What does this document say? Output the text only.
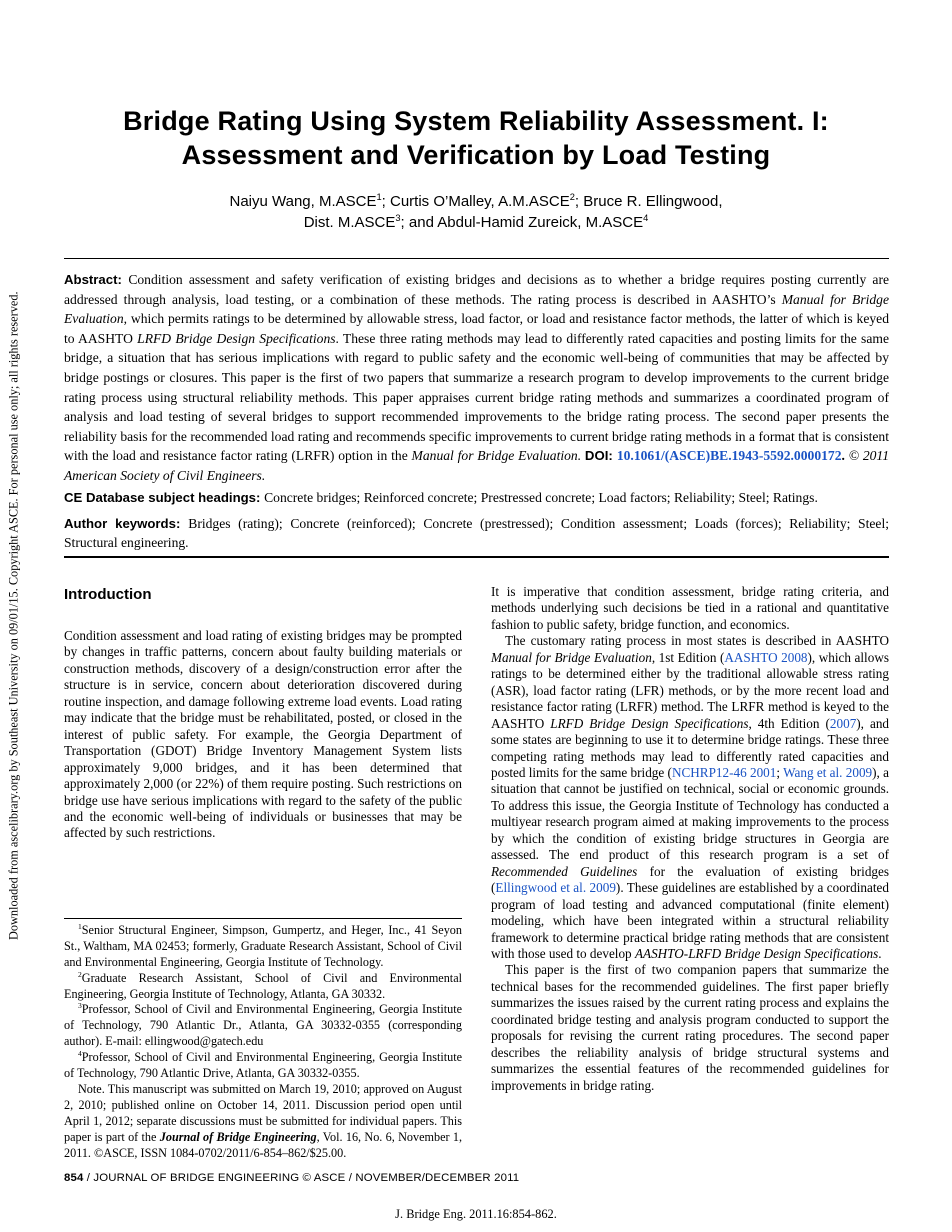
Downloaded from ascelibrary.org by Southeast University on 09/01/15. Copyright ASCE. For personal use only; all rights reserved.
Bridge Rating Using System Reliability Assessment. I:
Assessment and Verification by Load Testing
Naiyu Wang, M.ASCE$^1$; Curtis O’Malley, A.M.ASCE$^2$; Bruce R. Ellingwood,
Dist. M.ASCE$^3$; and Abdul-Hamid Zureick, M.ASCE$^4$
Abstract: Condition assessment and safety verification of existing bridges and decisions as to whether a bridge requires posting currently are addressed through analysis, load testing, or a combination of these methods. The rating process is described in AASHTO’s Manual for Bridge Evaluation, which permits ratings to be determined by allowable stress, load factor, or load and resistance factor methods, the latter of which is keyed to AASHTO LRFD Bridge Design Specifications. These three rating methods may lead to differently rated capacities and posting limits for the same bridge, a situation that has serious implications with regard to public safety and the economic well-being of communities that may be affected by bridge postings or closures. This paper is the first of two papers that summarize a research program to develop improvements to the current bridge rating process using structural reliability methods. This paper appraises current bridge rating methods and summarizes a coordinated program of analysis and load testing of several bridges to support recommended improvements to the bridge rating process. The second paper presents the reliability basis for the recommended load rating and recommends specific improvements to current bridge rating methods in a format that is consistent with the load and resistance factor rating (LRFR) option in the Manual for Bridge Evaluation. DOI: 10.1061/(ASCE)BE.1943-5592.0000172. © 2011 American Society of Civil Engineers.
CE Database subject headings: Concrete bridges; Reinforced concrete; Prestressed concrete; Load factors; Reliability; Steel; Ratings.
Author keywords: Bridges (rating); Concrete (reinforced); Concrete (prestressed); Condition assessment; Loads (forces); Reliability; Steel; Structural engineering.
Introduction

Condition assessment and load rating of existing bridges may be prompted by changes in traffic patterns, concern about faulty building materials or construction methods, discovery of a design/construction error after the structure is in service, concern about deterioration discovered during routine inspection, and damage following extreme load events. Load rating may indicate that the bridge must be rehabilitated, posted, or closed in the interest of public safety. For example, the Georgia Department of Transportation (GDOT) Bridge Inventory Management System lists approximately 9,000 bridges, and it has been determined that approximately 2,000 (or 22%) of them require posting. Such restrictions on bridge use have serious implications with regard to the safety of the public and the economic well-being of individuals or businesses that may be affected by such restrictions.

$^1$Senior Structural Engineer, Simpson, Gumpertz, and Heger, Inc., 41 Seyon St., Waltham, MA 02453; formerly, Graduate Research Assistant, School of Civil and Environmental Engineering, Georgia Institute of Technology.

$^2$Graduate Research Assistant, School of Civil and Environmental Engineering, Georgia Institute of Technology, Atlanta, GA 30332.

$^3$Professor, School of Civil and Environmental Engineering, Georgia Institute of Technology, 790 Atlantic Dr., Atlanta, GA 30332-0355 (corresponding author). E-mail: ellingwood@gatech.edu

$^4$Professor, School of Civil and Environmental Engineering, Georgia Institute of Technology, 790 Atlantic Drive, Atlanta, GA 30332-0355.

Note. This manuscript was submitted on March 19, 2010; approved on August 2, 2010; published online on October 14, 2011. Discussion period open until April 1, 2012; separate discussions must be submitted for individual papers. This paper is part of the Journal of Bridge Engineering, Vol. 16, No. 6, November 1, 2011. ©ASCE, ISSN 1084-0702/2011/6-854–862/$25.00.

It is imperative that condition assessment, bridge rating criteria, and methods underlying such decisions be tied in a rational and quantitative fashion to public safety, bridge function, and economics.

The customary rating process in most states is described in AASHTO Manual for Bridge Evaluation, 1st Edition (AASHTO 2008), which allows ratings to be determined either by the traditional allowable stress rating (ASR), load factor rating (LFR) methods, or by the more recent load and resistance factor rating (LRFR) method. The LRFR method is keyed to the AASHTO LRFD Bridge Design Specifications, 4th Edition (2007), and some states are beginning to use it to determine bridge ratings. These three competing rating methods may lead to differently rated capacities and posted limits for the same bridge (NCHRP12-46 2001; Wang et al. 2009), a situation that cannot be justified on technical, social or economic grounds. To address this issue, the Georgia Institute of Technology has conducted a multiyear research program aimed at making improvements to the process by which the condition of existing bridge structures in Georgia are assessed. The end product of this research program is a set of Recommended Guidelines for the evaluation of existing bridges (Ellingwood et al. 2009). These guidelines are established by a coordinated program of load testing and advanced computational (finite element) modeling, which have been integrated within a structural reliability framework to determine practical bridge rating methods that are consistent with those used to develop AASHTO-LRFD Bridge Design Specifications.

This paper is the first of two companion papers that summarize the technical bases for the recommended guidelines. The first paper briefly summarizes the issues raised by the current rating process and explains the coordinated bridge testing and analysis program conducted to support the proposals for revising the current rating procedures. The second paper describes the reliability analysis of bridge structural systems and summarizes the essential features of the recommended guidelines for improvements in bridge rating.

854 / JOURNAL OF BRIDGE ENGINEERING © ASCE / NOVEMBER/DECEMBER 2011
J. Bridge Eng. 2011.16:854-862.
